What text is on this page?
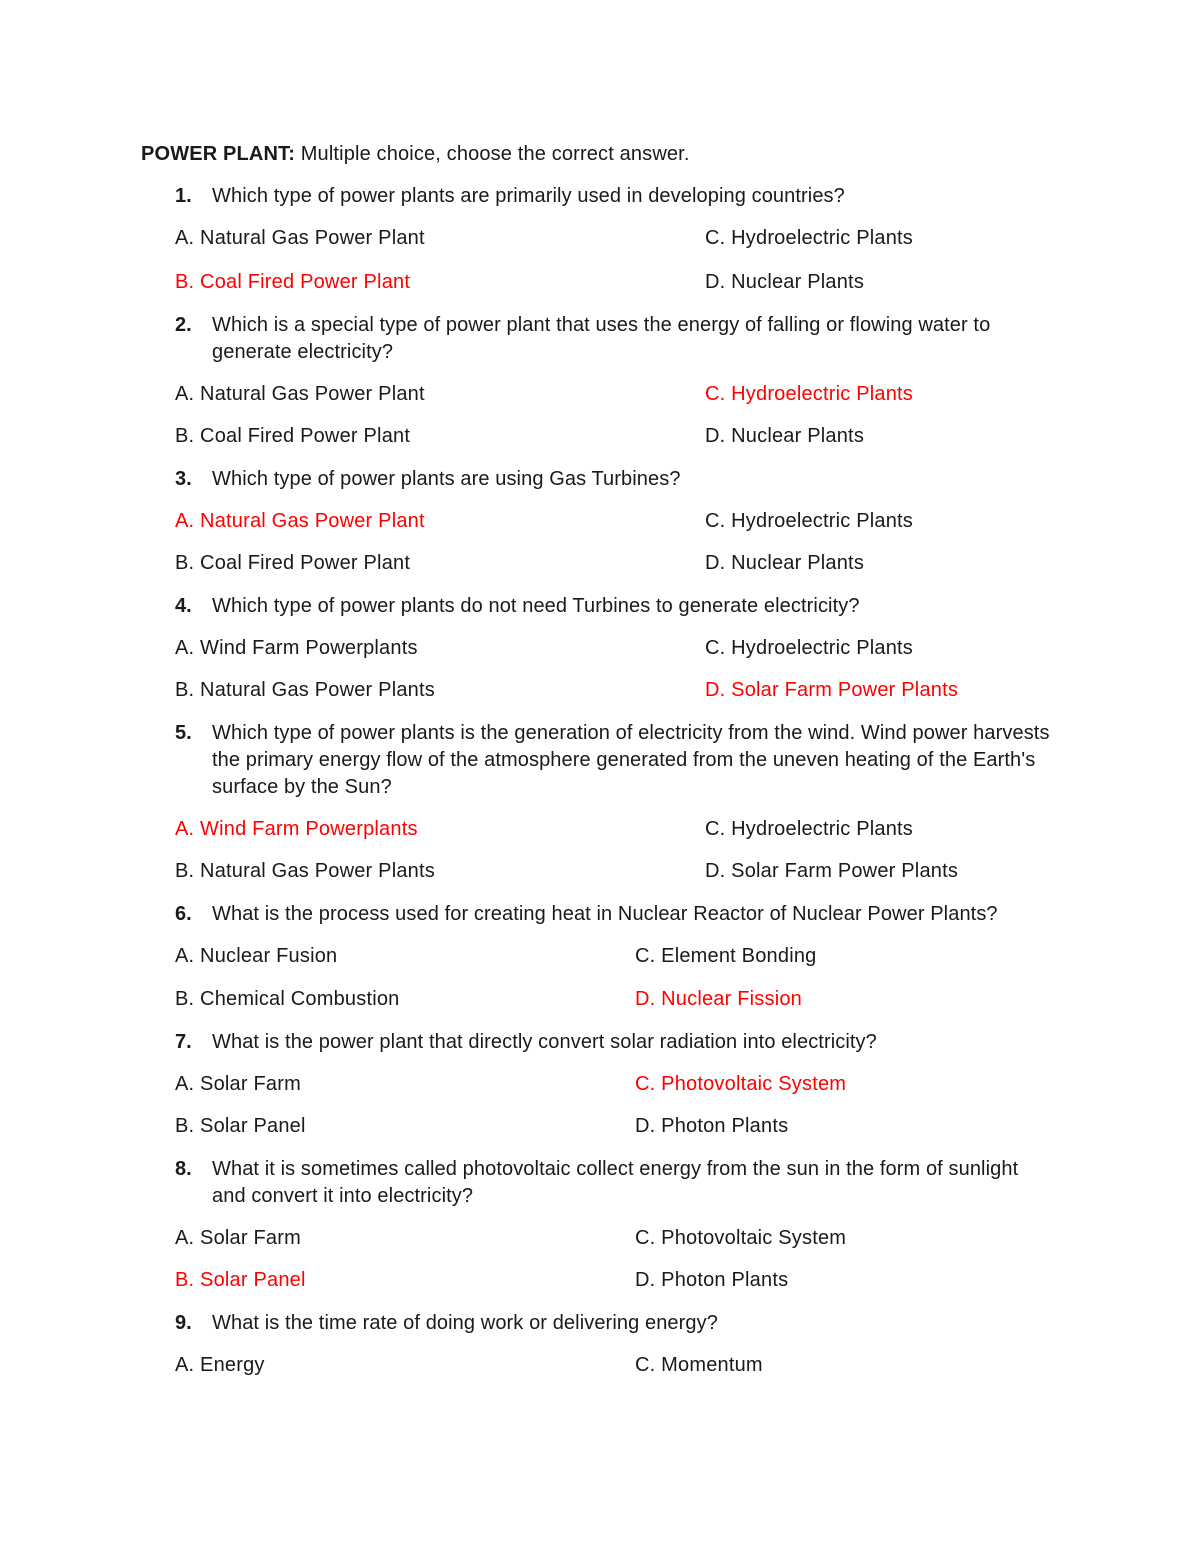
POWER PLANT: Multiple choice, choose the correct answer.
1. Which type of power plants are primarily used in developing countries?
A. Natural Gas Power Plant	C. Hydroelectric Plants
B. Coal Fired Power Plant	D. Nuclear Plants
2. Which is a special type of power plant that uses the energy of falling or flowing water to generate electricity?
A. Natural Gas Power Plant	C. Hydroelectric Plants
B. Coal Fired Power Plant	D. Nuclear Plants
3. Which type of power plants are using Gas Turbines?
A. Natural Gas Power Plant	C. Hydroelectric Plants
B. Coal Fired Power Plant	D. Nuclear Plants
4. Which type of power plants do not need Turbines to generate electricity?
A. Wind Farm Powerplants	C. Hydroelectric Plants
B. Natural Gas Power Plants	D. Solar Farm Power Plants
5. Which type of power plants is the generation of electricity from the wind. Wind power harvests the primary energy flow of the atmosphere generated from the uneven heating of the Earth's surface by the Sun?
A. Wind Farm Powerplants	C. Hydroelectric Plants
B. Natural Gas Power Plants	D. Solar Farm Power Plants
6. What is the process used for creating heat in Nuclear Reactor of Nuclear Power Plants?
A. Nuclear Fusion	C. Element Bonding
B. Chemical Combustion	D. Nuclear Fission
7. What is the power plant that directly convert solar radiation into electricity?
A. Solar Farm	C. Photovoltaic System
B. Solar Panel	D. Photon Plants
8. What it is sometimes called photovoltaic collect energy from the sun in the form of sunlight and convert it into electricity?
A. Solar Farm	C. Photovoltaic System
B. Solar Panel	D. Photon Plants
9. What is the time rate of doing work or delivering energy?
A. Energy	C. Momentum
